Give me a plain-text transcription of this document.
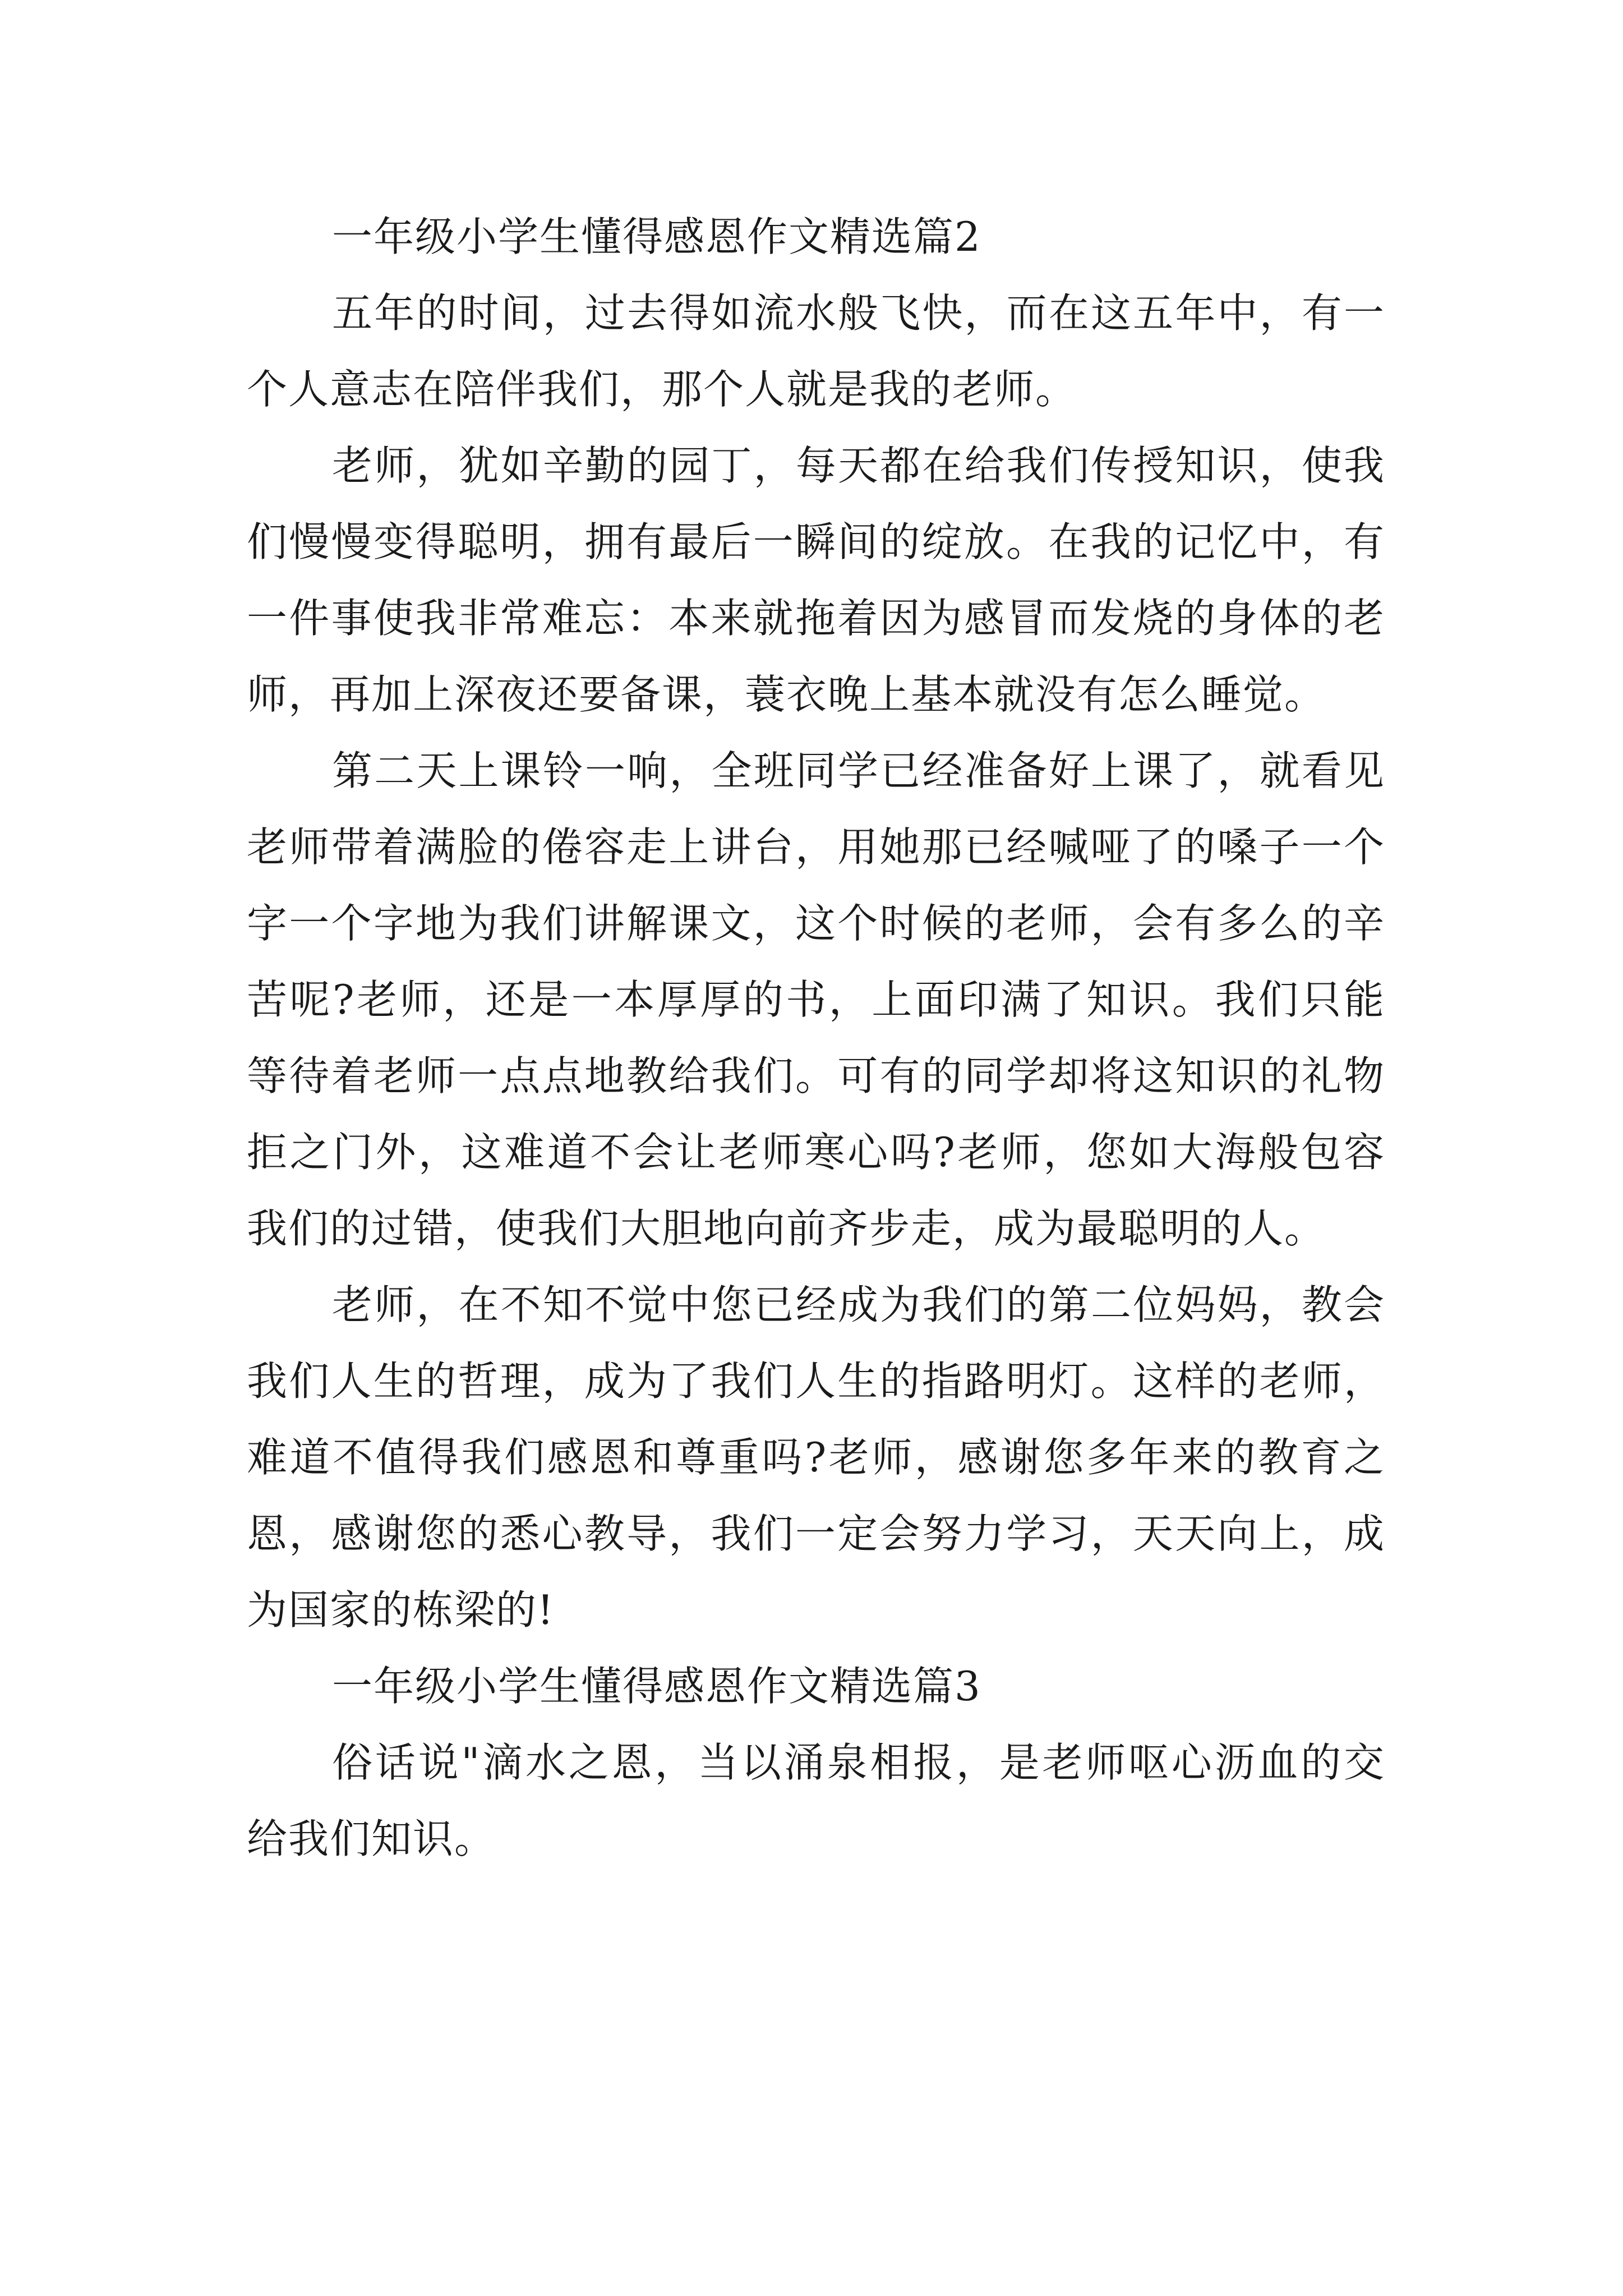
一年级小学生懂得感恩作文精选篇2

五年的时间，过去得如流水般飞快，而在这五年中，有一个人意志在陪伴我们，那个人就是我的老师。

老师，犹如辛勤的园丁，每天都在给我们传授知识，使我们慢慢变得聪明，拥有最后一瞬间的绽放。在我的记忆中，有一件事使我非常难忘：本来就拖着因为感冒而发烧的身体的老师，再加上深夜还要备课，蓑衣晚上基本就没有怎么睡觉。

第二天上课铃一响，全班同学已经准备好上课了，就看见老师带着满脸的倦容走上讲台，用她那已经喊哑了的嗓子一个字一个字地为我们讲解课文，这个时候的老师，会有多么的辛苦呢?老师，还是一本厚厚的书，上面印满了知识。我们只能等待着老师一点点地教给我们。可有的同学却将这知识的礼物拒之门外，这难道不会让老师寒心吗?老师，您如大海般包容我们的过错，使我们大胆地向前齐步走，成为最聪明的人。

老师，在不知不觉中您已经成为我们的第二位妈妈，教会我们人生的哲理，成为了我们人生的指路明灯。这样的老师，难道不值得我们感恩和尊重吗?老师，感谢您多年来的教育之恩，感谢您的悉心教导，我们一定会努力学习，天天向上，成为国家的栋梁的!

一年级小学生懂得感恩作文精选篇3

俗话说"滴水之恩，当以涌泉相报，是老师呕心沥血的交给我们知识。
